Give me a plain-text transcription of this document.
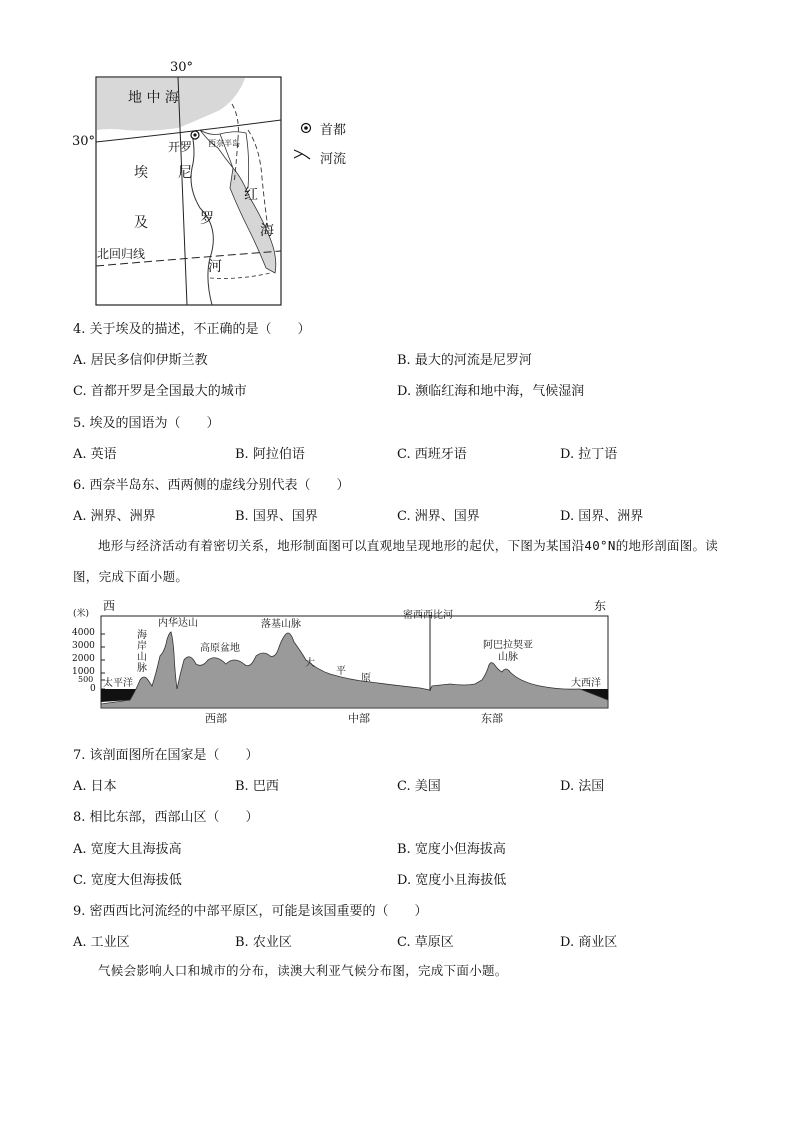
30°
30°
地 中 海
开罗 西奈半岛
尼
罗
河
埃
及
红
海
北回归线
首都
河流
4. 关于埃及的描述，不正确的是（　　）
A. 居民多信仰伊斯兰教	B. 最大的河流是尼罗河
C. 首都开罗是全国最大的城市	D. 濒临红海和地中海，气候湿润
5. 埃及的国语为（　　）
A. 英语	B. 阿拉伯语	C. 西班牙语	D. 拉丁语
6. 西奈半岛东、西两侧的虚线分别代表（　　）
A. 洲界、洲界	B. 国界、国界	C. 洲界、国界	D. 国界、洲界
地形与经济活动有着密切关系，地形制面图可以直观地呈现地形的起伏，下图为某国沿40°N的地形剖面图。读图，完成下面小题。
西	东
(米)
4000
3000
2000
1000
500
0
海岸山脉
内华达山
高原盆地
落基山脉
大
平
原
密西西比河
阿巴拉契亚山脉
太平洋	大西洋
西部	中部	东部
7. 该剖面图所在国家是（　　）
A. 日本	B. 巴西	C. 美国	D. 法国
8. 相比东部，西部山区（　　）
A. 宽度大且海拔高	B. 宽度小但海拔高
C. 宽度大但海拔低	D. 宽度小且海拔低
9. 密西西比河流经的中部平原区，可能是该国重要的（　　）
A. 工业区	B. 农业区	C. 草原区	D. 商业区
气候会影响人口和城市的分布，读澳大利亚气候分布图，完成下面小题。
